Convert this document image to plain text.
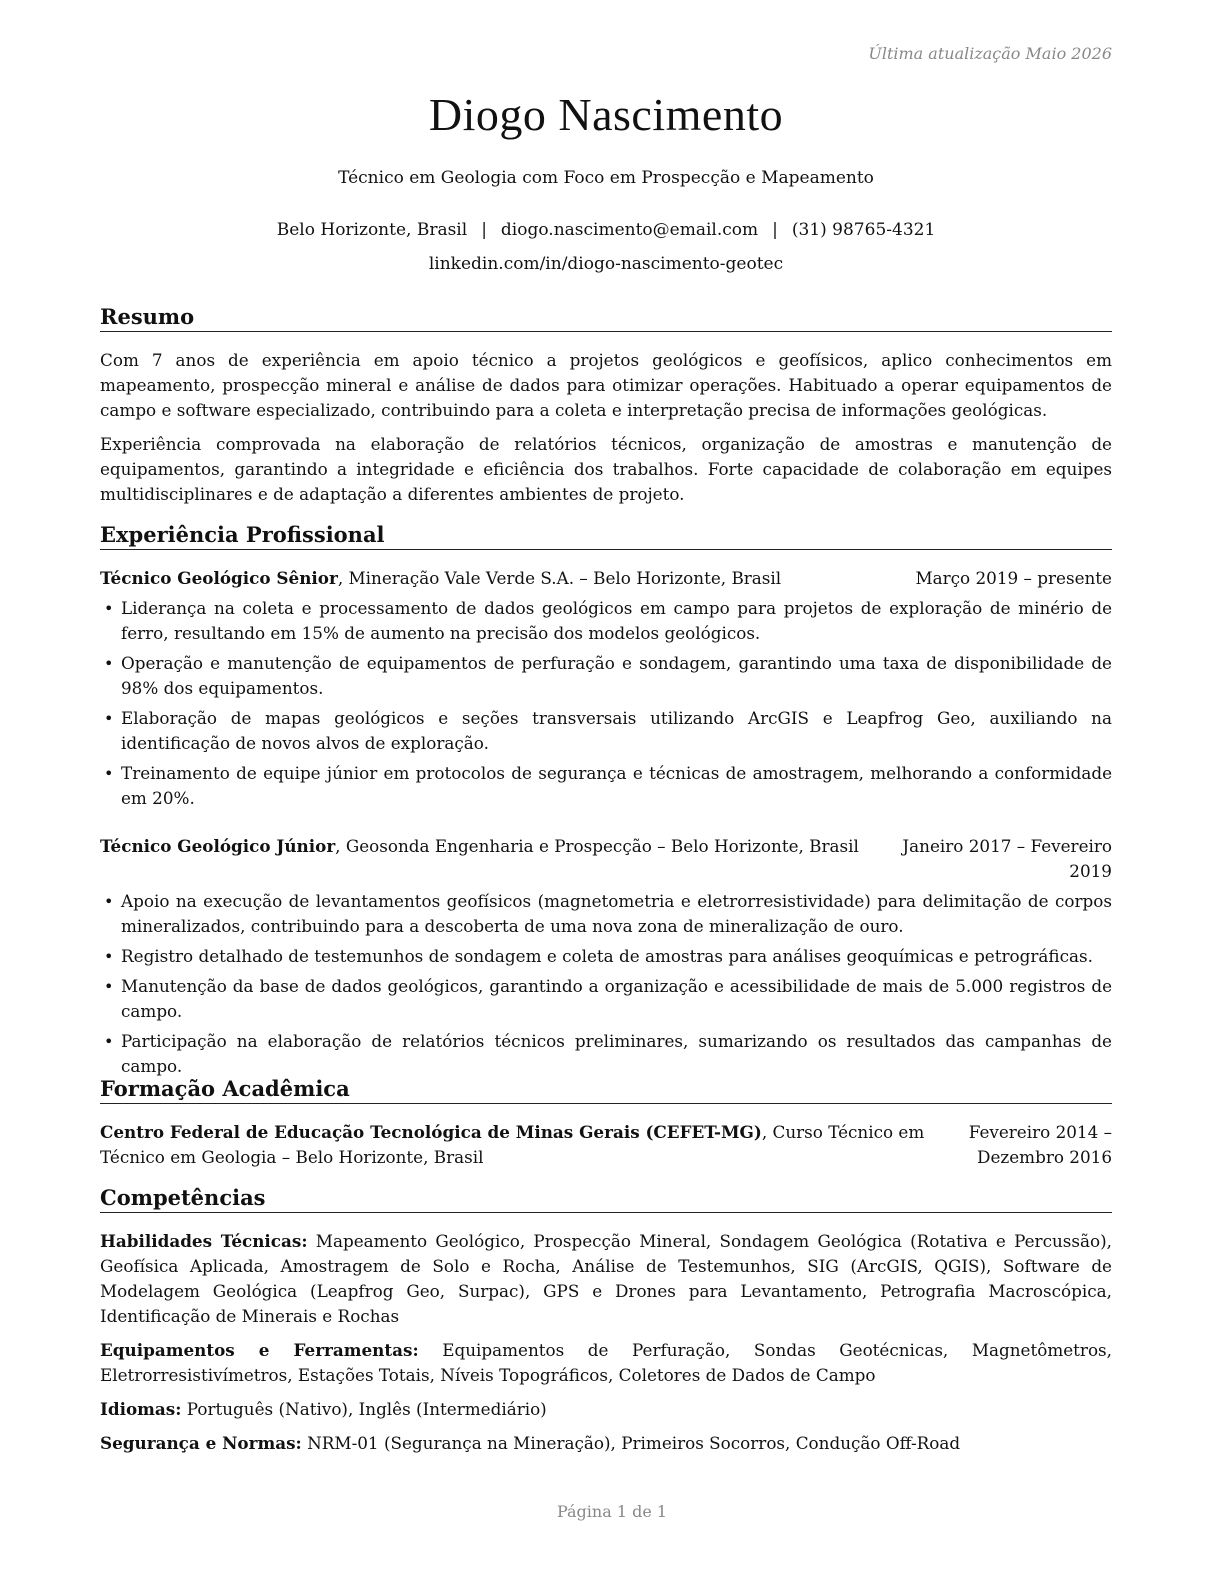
Última atualização Maio 2026
Diogo Nascimento
Técnico em Geologia com Foco em Prospecção e Mapeamento
Belo Horizonte, Brasil | diogo.nascimento@email.com | (31) 98765-4321
linkedin.com/in/diogo-nascimento-geotec
Resumo

Com 7 anos de experiência em apoio técnico a projetos geológicos e geofísicos, aplico conhecimentos em mapeamento, prospecção mineral e análise de dados para otimizar operações. Habituado a operar equipamentos de campo e software especializado, contribuindo para a coleta e interpretação precisa de informações geológicas.

Experiência comprovada na elaboração de relatórios técnicos, organização de amostras e manutenção de equipamentos, garantindo a integridade e eficiência dos trabalhos. Forte capacidade de colaboração em equipes multidisciplinares e de adaptação a diferentes ambientes de projeto.

Experiência Profissional
Técnico Geológico Sênior, Mineração Vale Verde S.A. – Belo Horizonte, Brasil	Março 2019 – presente
• Liderança na coleta e processamento de dados geológicos em campo para projetos de exploração de minério de ferro, resultando em 15% de aumento na precisão dos modelos geológicos.
• Operação e manutenção de equipamentos de perfuração e sondagem, garantindo uma taxa de disponibilidade de 98% dos equipamentos.
• Elaboração de mapas geológicos e seções transversais utilizando ArcGIS e Leapfrog Geo, auxiliando na identificação de novos alvos de exploração.
• Treinamento de equipe júnior em protocolos de segurança e técnicas de amostragem, melhorando a conformidade em 20%.
Técnico Geológico Júnior, Geosonda Engenharia e Prospecção – Belo Horizonte, Brasil	Janeiro 2017 – Fevereiro 2019
• Apoio na execução de levantamentos geofísicos (magnetometria e eletrorresistividade) para delimitação de corpos mineralizados, contribuindo para a descoberta de uma nova zona de mineralização de ouro.
• Registro detalhado de testemunhos de sondagem e coleta de amostras para análises geoquímicas e petrográficas.
• Manutenção da base de dados geológicos, garantindo a organização e acessibilidade de mais de 5.000 registros de campo.
• Participação na elaboração de relatórios técnicos preliminares, sumarizando os resultados das campanhas de campo.
Formação Acadêmica
Centro Federal de Educação Tecnológica de Minas Gerais (CEFET-MG), Curso Técnico em Técnico em Geologia – Belo Horizonte, Brasil
Fevereiro 2014 – Dezembro 2016
Competências

Habilidades Técnicas: Mapeamento Geológico, Prospecção Mineral, Sondagem Geológica (Rotativa e Percussão), Geofísica Aplicada, Amostragem de Solo e Rocha, Análise de Testemunhos, SIG (ArcGIS, QGIS), Software de Modelagem Geológica (Leapfrog Geo, Surpac), GPS e Drones para Levantamento, Petrografia Macroscópica, Identificação de Minerais e Rochas

Equipamentos e Ferramentas: Equipamentos de Perfuração, Sondas Geotécnicas, Magnetômetros, Eletrorresistivímetros, Estações Totais, Níveis Topográficos, Coletores de Dados de Campo

Idiomas: Português (Nativo), Inglês (Intermediário)

Segurança e Normas: NRM-01 (Segurança na Mineração), Primeiros Socorros, Condução Off-Road

Página 1 de 1
